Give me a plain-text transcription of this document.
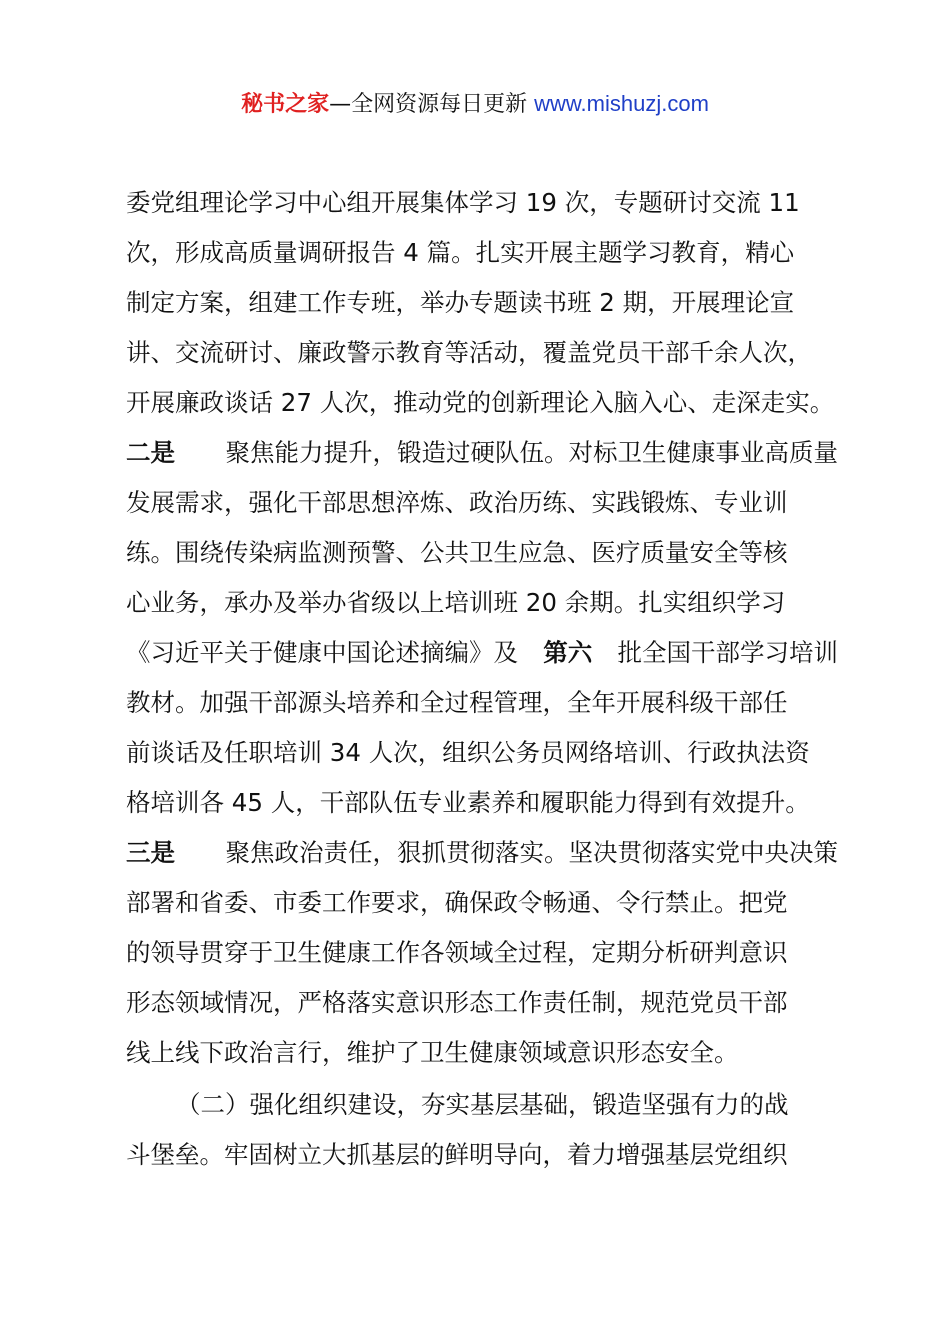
秘书之家—全网资源每日更新 www.mishuzj.com
委党组理论学习中心组开展集体学习 19 次，专题研讨交流 11
次，形成高质量调研报告 4 篇。扎实开展主题学习教育，精心
制定方案，组建工作专班，举办专题读书班 2 期，开展理论宣
讲、交流研讨、廉政警示教育等活动，覆盖党员干部千余人次，
开展廉政谈话 27 人次，推动党的创新理论入脑入心、走深走实。
二是 聚焦能力提升，锻造过硬队伍。对标卫生健康事业高质量
发展需求，强化干部思想淬炼、政治历练、实践锻炼、专业训
练。围绕传染病监测预警、公共卫生应急、医疗质量安全等核
心业务，承办及举办省级以上培训班 20 余期。扎实组织学习
《习近平关于健康中国论述摘编》及 第六 批全国干部学习培训
教材。加强干部源头培养和全过程管理，全年开展科级干部任
前谈话及任职培训 34 人次，组织公务员网络培训、行政执法资
格培训各 45 人，干部队伍专业素养和履职能力得到有效提升。
三是 聚焦政治责任，狠抓贯彻落实。坚决贯彻落实党中央决策
部署和省委、市委工作要求，确保政令畅通、令行禁止。把党
的领导贯穿于卫生健康工作各领域全过程，定期分析研判意识
形态领域情况，严格落实意识形态工作责任制，规范党员干部
线上线下政治言行，维护了卫生健康领域意识形态安全。
（二）强化组织建设，夯实基层基础，锻造坚强有力的战
斗堡垒。牢固树立大抓基层的鲜明导向，着力增强基层党组织
